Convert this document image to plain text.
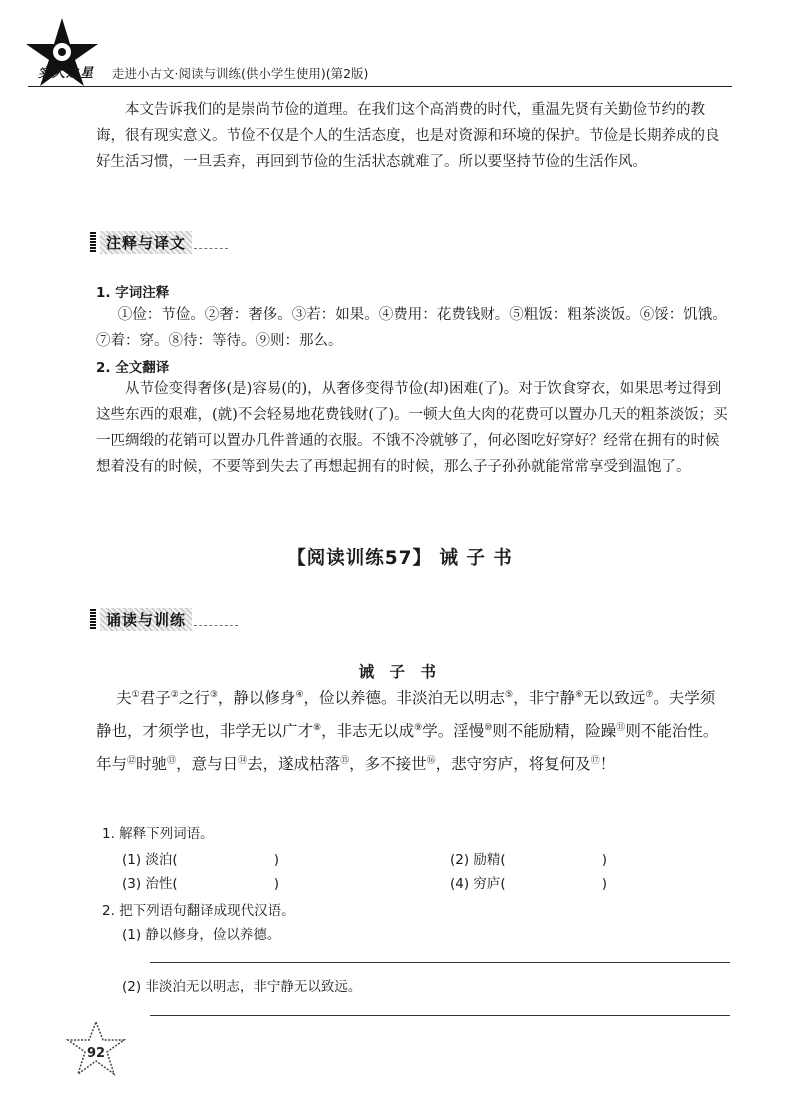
实大之星 走进小古文·阅读与训练(供小学生使用)(第2版)
本文告诉我们的是崇尚节俭的道理。在我们这个高消费的时代，重温先贤有关勤俭节约的教诲，很有现实意义。节俭不仅是个人的生活态度，也是对资源和环境的保护。节俭是长期养成的良好生活习惯，一旦丢弃，再回到节俭的生活状态就难了。所以要坚持节俭的生活作风。
注释与译文
1. 字词注释
①俭：节俭。②奢：奢侈。③若：如果。④费用：花费钱财。⑤粗饭：粗茶淡饭。⑥馁：饥饿。⑦着：穿。⑧待：等待。⑨则：那么。
2. 全文翻译
从节俭变得奢侈(是)容易(的)，从奢侈变得节俭(却)困难(了)。对于饮食穿衣，如果思考过得到这些东西的艰难，(就)不会轻易地花费钱财(了)。一顿大鱼大肉的花费可以置办几天的粗茶淡饭；买一匹绸缎的花销可以置办几件普通的衣服。不饿不冷就够了，何必图吃好穿好？经常在拥有的时候想着没有的时候，不要等到失去了再想起拥有的时候，那么子子孙孙就能常常享受到温饱了。
【阅读训练57】 诫 子 书
诵读与训练
诫子书
夫①君子②之行③，静以修身④，俭以养德。非淡泊无以明志⑤，非宁静⑥无以致远⑦。夫学须静也，才须学也，非学无以广才⑧，非志无以成⑨学。淫慢⑩则不能励精，险躁⑪则不能治性。年与⑫时驰⑬，意与日⑭去，遂成枯落⑮，多不接世⑯，悲守穷庐，将复何及⑰！
1. 解释下列词语。
(1) 淡泊(	)	(2) 励精(	)
(3) 治性(	)	(4) 穷庐(	)
2. 把下列语句翻译成现代汉语。
(1) 静以修身，俭以养德。
(2) 非淡泊无以明志，非宁静无以致远。
92
